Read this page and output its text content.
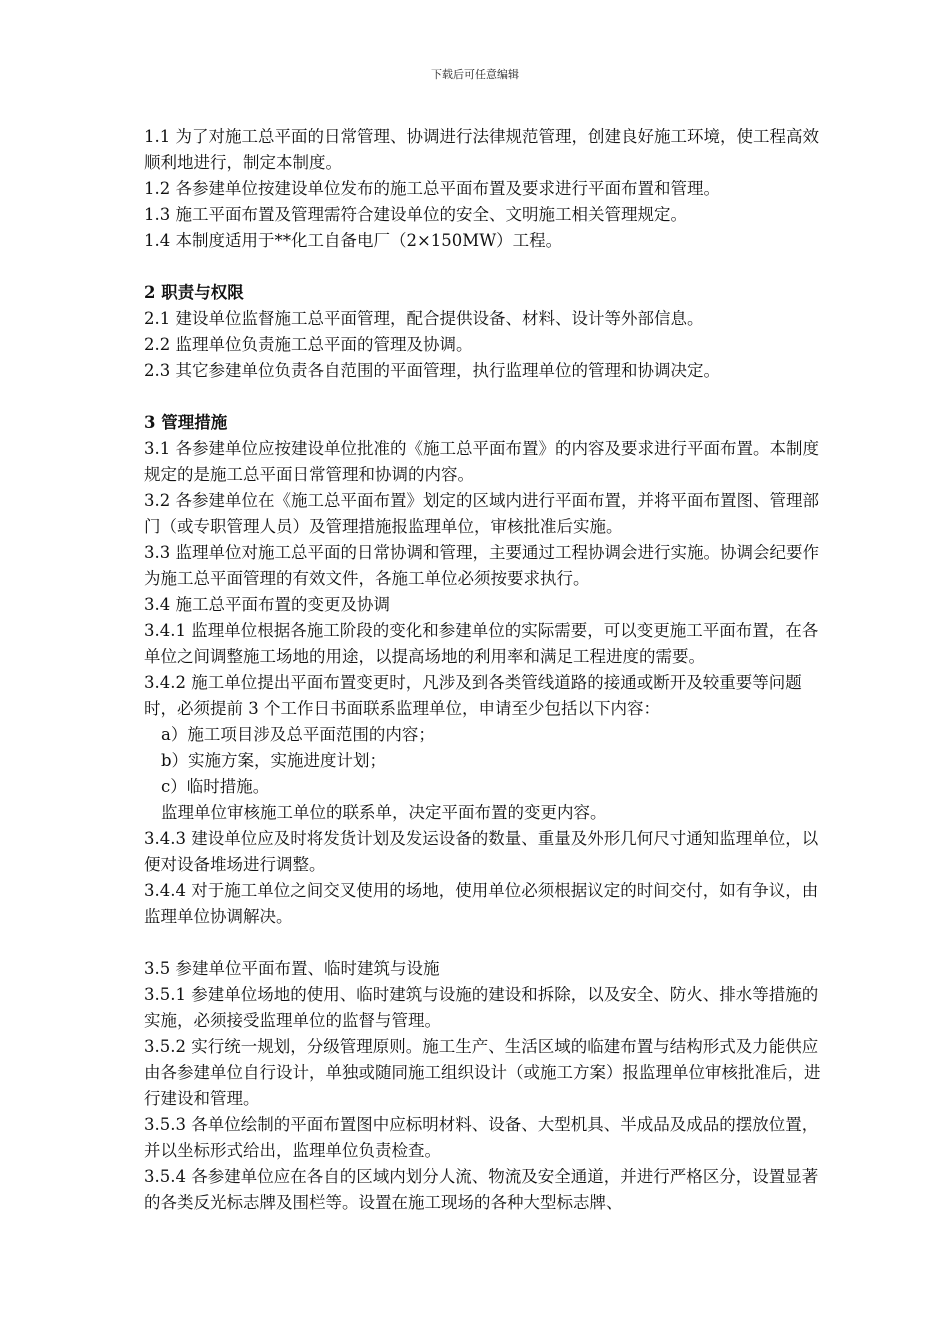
下载后可任意编辑

1.1 为了对施工总平面的日常管理、协调进行法律规范管理，创建良好施工环境，使工程高效顺利地进行，制定本制度。

1.2 各参建单位按建设单位发布的施工总平面布置及要求进行平面布置和管理。

1.3 施工平面布置及管理需符合建设单位的安全、文明施工相关管理规定。

1.4 本制度适用于**化工自备电厂（2×150MW）工程。

2 职责与权限

2.1 建设单位监督施工总平面管理，配合提供设备、材料、设计等外部信息。

2.2 监理单位负责施工总平面的管理及协调。

2.3 其它参建单位负责各自范围的平面管理，执行监理单位的管理和协调决定。

3 管理措施

3.1 各参建单位应按建设单位批准的《施工总平面布置》的内容及要求进行平面布置。本制度规定的是施工总平面日常管理和协调的内容。

3.2 各参建单位在《施工总平面布置》划定的区域内进行平面布置，并将平面布置图、管理部门（或专职管理人员）及管理措施报监理单位，审核批准后实施。

3.3 监理单位对施工总平面的日常协调和管理，主要通过工程协调会进行实施。协调会纪要作为施工总平面管理的有效文件，各施工单位必须按要求执行。

3.4 施工总平面布置的变更及协调

3.4.1 监理单位根据各施工阶段的变化和参建单位的实际需要，可以变更施工平面布置，在各单位之间调整施工场地的用途，以提高场地的利用率和满足工程进度的需要。

3.4.2 施工单位提出平面布置变更时，凡涉及到各类管线道路的接通或断开及较重要等问题时，必须提前 3 个工作日书面联系监理单位，申请至少包括以下内容：

a）施工项目涉及总平面范围的内容；

b）实施方案，实施进度计划；

c）临时措施。

监理单位审核施工单位的联系单，决定平面布置的变更内容。

3.4.3 建设单位应及时将发货计划及发运设备的数量、重量及外形几何尺寸通知监理单位，以便对设备堆场进行调整。

3.4.4 对于施工单位之间交叉使用的场地，使用单位必须根据议定的时间交付，如有争议，由监理单位协调解决。

3.5 参建单位平面布置、临时建筑与设施

3.5.1 参建单位场地的使用、临时建筑与设施的建设和拆除，以及安全、防火、排水等措施的实施，必须接受监理单位的监督与管理。

3.5.2 实行统一规划，分级管理原则。施工生产、生活区域的临建布置与结构形式及力能供应由各参建单位自行设计，单独或随同施工组织设计（或施工方案）报监理单位审核批准后，进行建设和管理。

3.5.3 各单位绘制的平面布置图中应标明材料、设备、大型机具、半成品及成品的摆放位置，并以坐标形式给出，监理单位负责检查。

3.5.4 各参建单位应在各自的区域内划分人流、物流及安全通道，并进行严格区分，设置显著的各类反光标志牌及围栏等。设置在施工现场的各种大型标志牌、
